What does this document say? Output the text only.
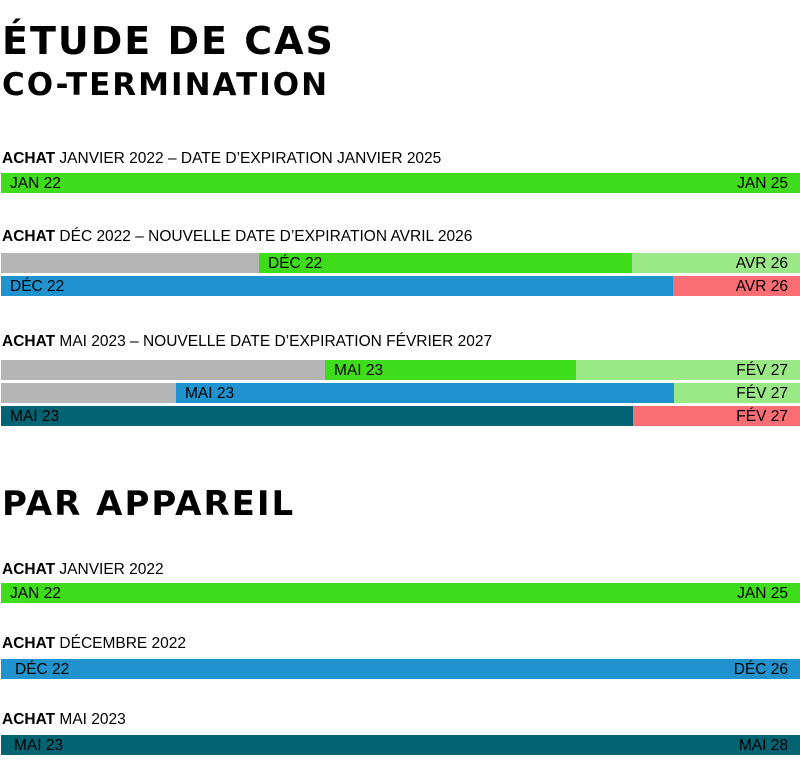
ÉTUDE DE CAS
CO-TERMINATION
ACHAT JANVIER 2022 – DATE D’EXPIRATION JANVIER 2025
JAN 22	JAN 25
ACHAT DÉC 2022 – NOUVELLE DATE D’EXPIRATION AVRIL 2026
DÉC 22	AVR 26
DÉC 22	AVR 26
ACHAT MAI 2023 – NOUVELLE DATE D’EXPIRATION FÉVRIER 2027
MAI 23	FÉV 27
MAI 23	FÉV 27
MAI 23	FÉV 27
PAR APPAREIL
ACHAT JANVIER 2022
JAN 22	JAN 25
ACHAT DÉCEMBRE 2022
DÉC 22	DÉC 26
ACHAT MAI 2023
MAI 23	MAI 28
